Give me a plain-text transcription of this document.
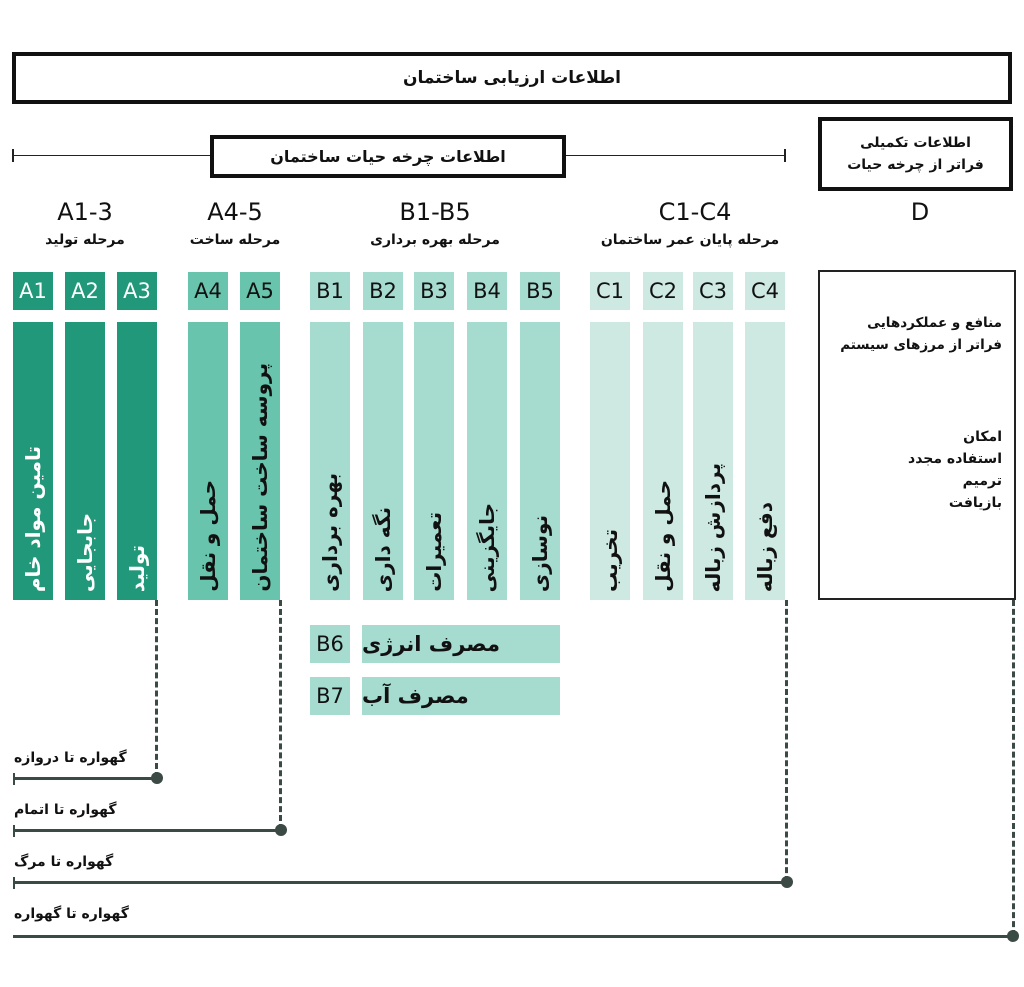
اطلاعات ارزیابی ساختمان
اطلاعات چرخه حیات ساختمان
اطلاعات تکمیلی
فراتر از چرخه حیات
A1-3
مرحله تولید
A4-5
مرحله ساخت
B1-B5
مرحله بهره برداری
C1-C4
مرحله پایان عمر ساختمان
D
A1
تامین مواد خام
A2
جابجایی
A3
تولید
A4
حمل و نقل
A5
پروسه ساخت ساختمان
B1
بهره برداری
B2
نگه داری
B3
تعمیرات
B4
جایگزینی
B5
نوسازی
C1
تخریب
C2
حمل و نقل
C3
پردازش زباله
C4
دفع زباله
منافع و عملکردهایی
فراتر از مرزهای سیستم
امکان
استفاده مجدد
ترمیم
بازیافت
B6 مصرف انرژی
B7 مصرف آب
گهواره تا دروازه
گهواره تا اتمام
گهواره تا مرگ
گهواره تا گهواره
